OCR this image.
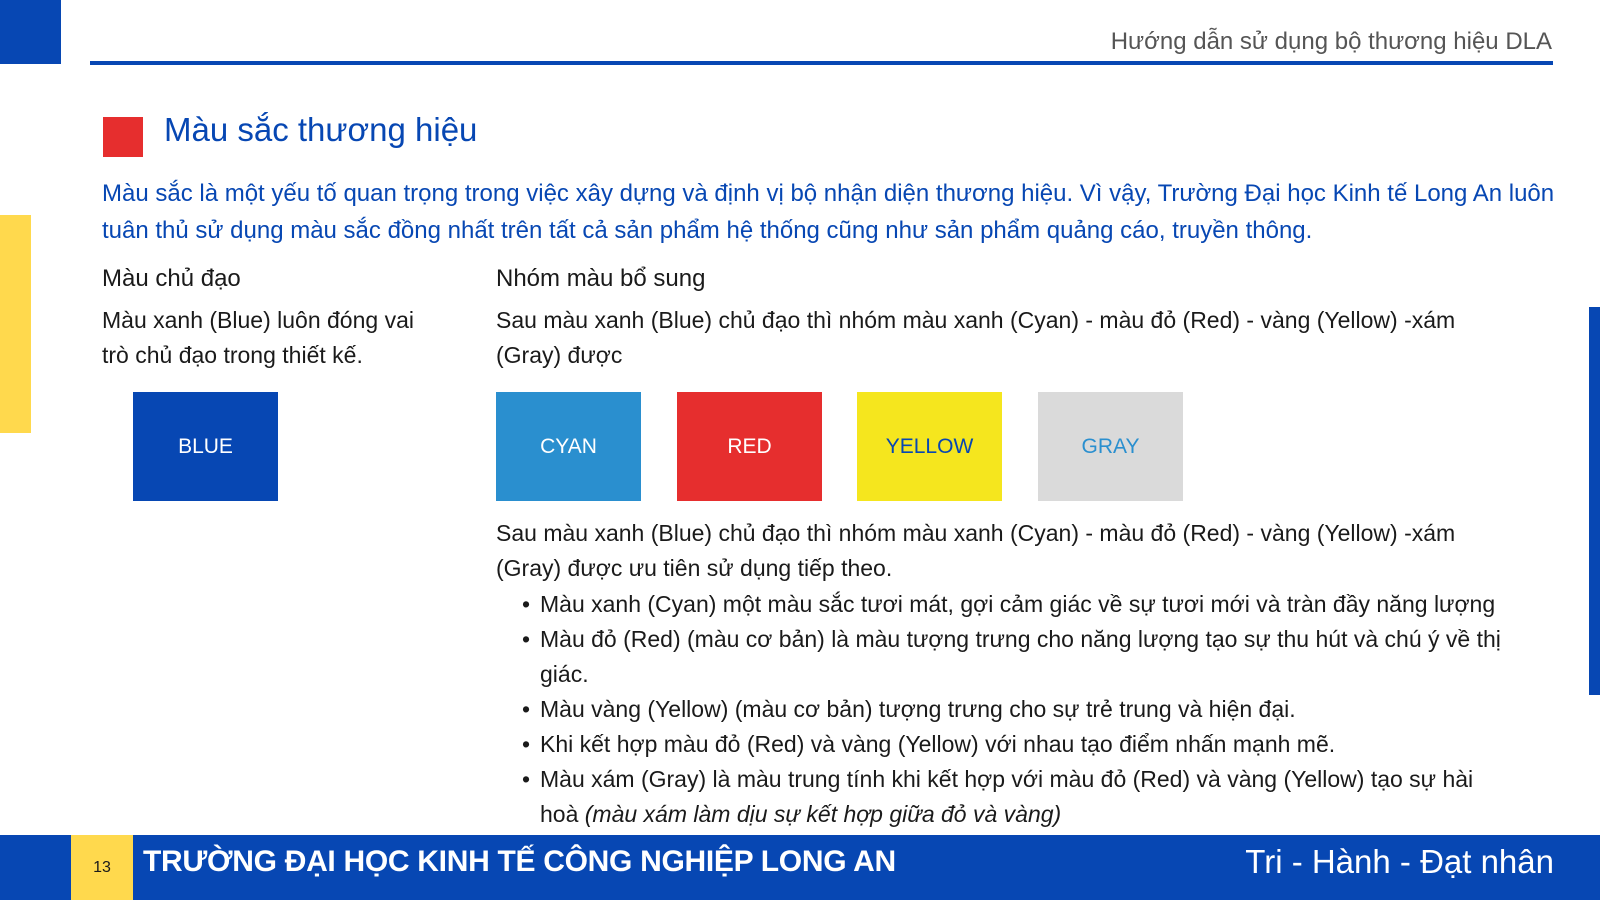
Hướng dẫn sử dụng bộ thương hiệu DLA
Màu sắc thương hiệu
Màu sắc là một yếu tố quan trọng trong việc xây dựng và định vị bộ nhận diện thương hiệu. Vì vậy, Trường Đại học Kinh tế Long An luôn tuân thủ sử dụng màu sắc đồng nhất trên tất cả sản phẩm hệ thống cũng như sản phẩm quảng cáo, truyền thông.
Màu chủ đạo
Màu xanh (Blue) luôn đóng vai trò chủ đạo trong thiết kế.
BLUE
Nhóm màu bổ sung
Sau màu xanh (Blue) chủ đạo thì nhóm màu xanh (Cyan) - màu đỏ (Red) - vàng (Yellow) -xám (Gray) được
CYAN	RED	YELLOW	GRAY
Sau màu xanh (Blue) chủ đạo thì nhóm màu xanh (Cyan) - màu đỏ (Red) - vàng (Yellow) -xám (Gray) được ưu tiên sử dụng tiếp theo.
• Màu xanh (Cyan) một màu sắc tươi mát, gợi cảm giác về sự tươi mới và tràn đầy năng lượng
• Màu đỏ (Red) (màu cơ bản) là màu tượng trưng cho năng lượng tạo sự thu hút và chú ý về thị giác.
• Màu vàng (Yellow) (màu cơ bản) tượng trưng cho sự trẻ trung và hiện đại.
• Khi kết hợp màu đỏ (Red) và vàng (Yellow) với nhau tạo điểm nhấn mạnh mẽ.
• Màu xám (Gray) là màu trung tính khi kết hợp với màu đỏ (Red) và vàng (Yellow) tạo sự hài hoà (màu xám làm dịu sự kết hợp giữa đỏ và vàng)
13	TRƯỜNG ĐẠI HỌC KINH TẾ CÔNG NGHIỆP LONG AN	Tri - Hành - Đạt nhân
